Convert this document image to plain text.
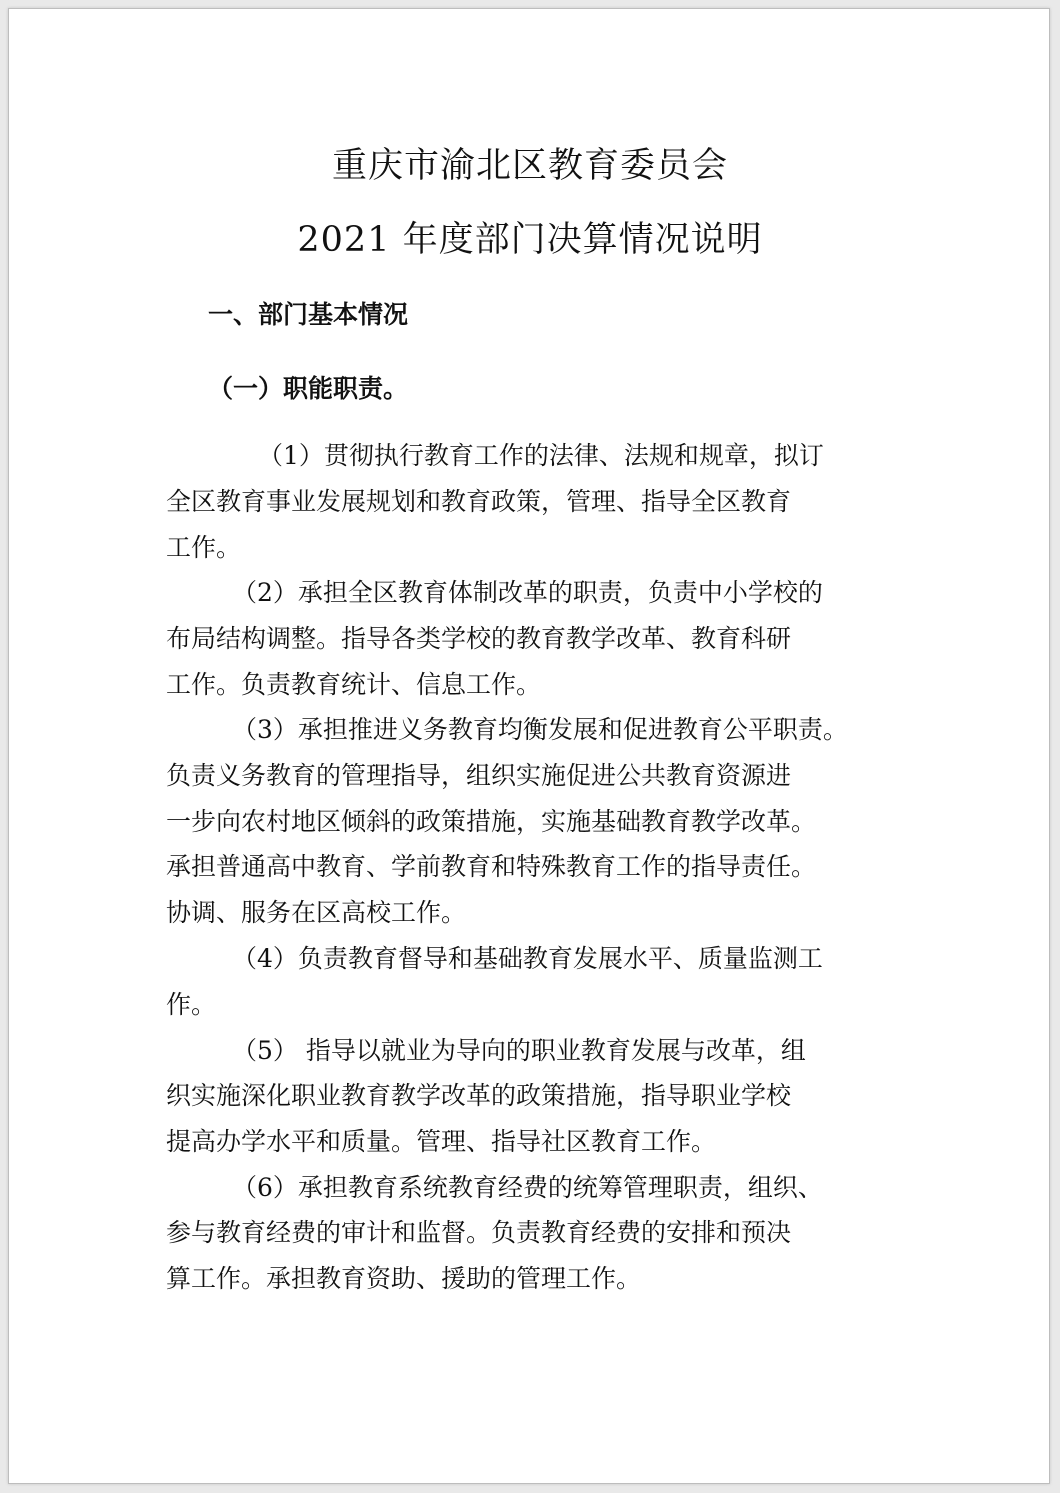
重庆市渝北区教育委员会
2021 年度部门决算情况说明
一、部门基本情况
（一）职能职责。
（1）贯彻执行教育工作的法律、法规和规章，拟订
全区教育事业发展规划和教育政策，管理、指导全区教育
工作。
（2）承担全区教育体制改革的职责，负责中小学校的
布局结构调整。指导各类学校的教育教学改革、教育科研
工作。负责教育统计、信息工作。
（3）承担推进义务教育均衡发展和促进教育公平职责。
负责义务教育的管理指导，组织实施促进公共教育资源进
一步向农村地区倾斜的政策措施，实施基础教育教学改革。
承担普通高中教育、学前教育和特殊教育工作的指导责任。
协调、服务在区高校工作。
（4）负责教育督导和基础教育发展水平、质量监测工
作。
（5） 指导以就业为导向的职业教育发展与改革，组
织实施深化职业教育教学改革的政策措施，指导职业学校
提高办学水平和质量。管理、指导社区教育工作。
（6）承担教育系统教育经费的统筹管理职责，组织、
参与教育经费的审计和监督。负责教育经费的安排和预决
算工作。承担教育资助、援助的管理工作。
